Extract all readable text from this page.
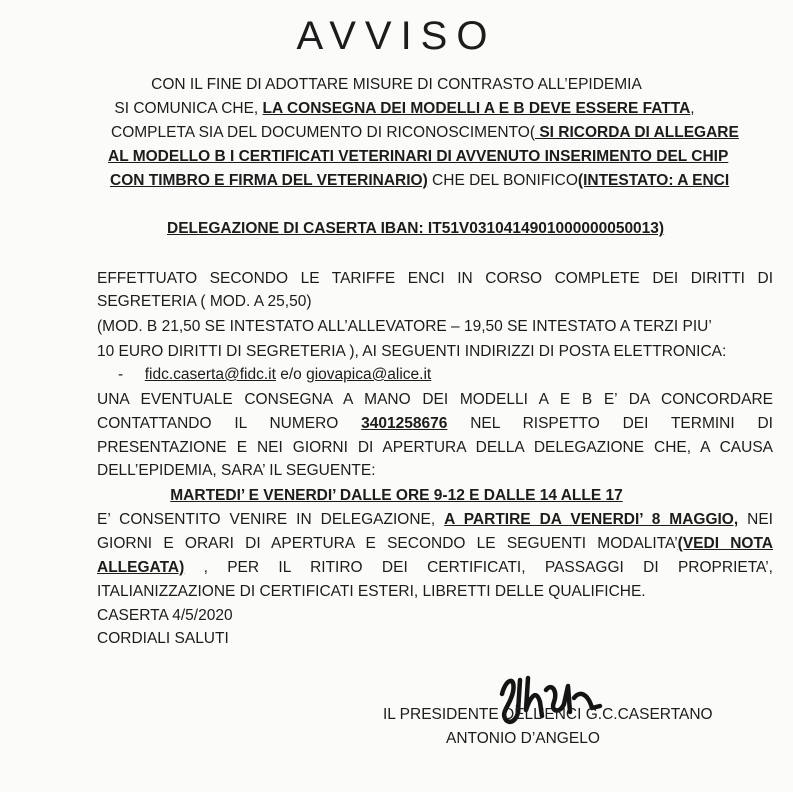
AVVISO
CON IL FINE DI ADOTTARE MISURE DI CONTRASTO ALL’EPIDEMIA
SI COMUNICA CHE, LA CONSEGNA DEI MODELLI A E B DEVE ESSERE FATTA,
COMPLETA SIA DEL DOCUMENTO DI RICONOSCIMENTO( SI RICORDA DI ALLEGARE
AL MODELLO B I CERTIFICATI VETERINARI DI AVVENUTO INSERIMENTO DEL CHIP
CON TIMBRO E FIRMA DEL VETERINARIO) CHE DEL BONIFICO(INTESTATO: A ENCI
DELEGAZIONE DI CASERTA IBAN: IT51V0310414901000000050013)
EFFETTUATO SECONDO LE TARIFFE ENCI IN CORSO COMPLETE DEI DIRITTI DI
SEGRETERIA ( MOD. A 25,50)
(MOD. B 21,50 SE INTESTATO ALL’ALLEVATORE – 19,50 SE INTESTATO A TERZI PIU’
10 EURO DIRITTI DI SEGRETERIA ), AI SEGUENTI INDIRIZZI DI POSTA ELETTRONICA:
- fidc.caserta@fidc.it e/o giovapica@alice.it
UNA EVENTUALE CONSEGNA A MANO DEI MODELLI A E B E’ DA CONCORDARE
CONTATTANDO IL NUMERO 3401258676 NEL RISPETTO DEI TERMINI DI
PRESENTAZIONE E NEI GIORNI DI APERTURA DELLA DELEGAZIONE CHE, A CAUSA
DELL’EPIDEMIA, SARA’ IL SEGUENTE:
MARTEDI’ E VENERDI’ DALLE ORE 9-12 E DALLE 14 ALLE 17
E’ CONSENTITO VENIRE IN DELEGAZIONE, A PARTIRE DA VENERDI’ 8 MAGGIO, NEI
GIORNI E ORARI DI APERTURA E SECONDO LE SEGUENTI MODALITA’(VEDI NOTA
ALLEGATA) , PER IL RITIRO DEI CERTIFICATI, PASSAGGI DI PROPRIETA’,
ITALIANIZZAZIONE DI CERTIFICATI ESTERI, LIBRETTI DELLE QUALIFICHE.
CASERTA 4/5/2020
CORDIALI SALUTI
IL PRESIDENTE DELL’ENCI G.C.CASERTANO
ANTONIO D’ANGELO
